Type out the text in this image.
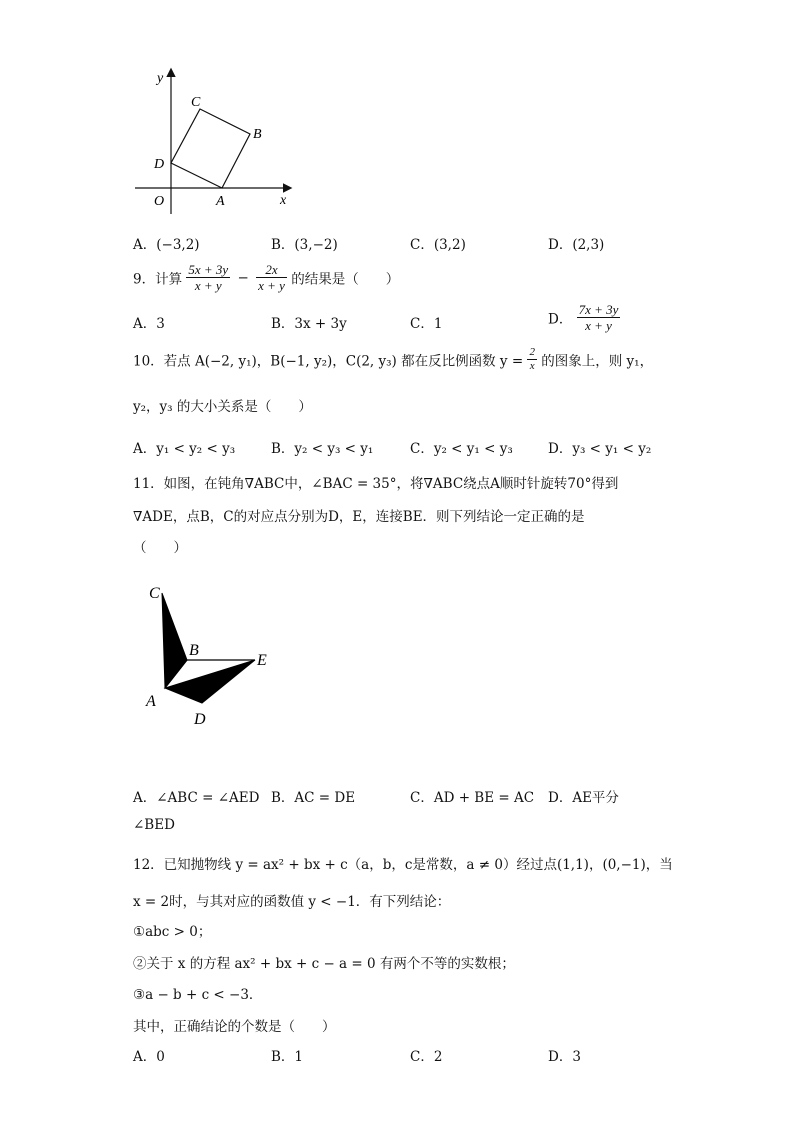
y
x
O	A
B
C
D
A．(−3,2)	B．(3,−2)	C．(3,2)	D．(2,3)
9．计算 $\frac{5x + 3y}{x + y} - \frac{2x}{x + y}$ 的结果是（　　）
A．3	B．3x + 3y	C．1	D． $\frac{7x + 3y}{x + y}$
10．若点 A(−2, y₁)，B(−1, y₂)，C(2, y₃) 都在反比例函数 $y = \frac{2}{x}$ 的图象上，则 y₁，
y₂，y₃ 的大小关系是（　　）
A．y₁ < y₂ < y₃	B．y₂ < y₃ < y₁	C．y₂ < y₁ < y₃	D．y₃ < y₁ < y₂
11．如图，在钝角∇ABC中，∠BAC = 35°，将∇ABC绕点A顺时针旋转70°得到
∇ADE，点B，C的对应点分别为D，E，连接BE．则下列结论一定正确的是
（　　）
C
B
E
A
D
A．∠ABC = ∠AED B．AC = DE	C．AD + BE = AC D．AE平分
∠BED
12．已知抛物线 y = ax² + bx + c（a，b，c是常数，a ≠ 0）经过点(1,1)，(0,−1)，当
x = 2时，与其对应的函数值 y < −1．有下列结论：
①abc > 0；
②关于 x 的方程 ax² + bx + c − a = 0 有两个不等的实数根；
③a − b + c < −3．
其中，正确结论的个数是（　　）
A．0	B．1	C．2	D．3
